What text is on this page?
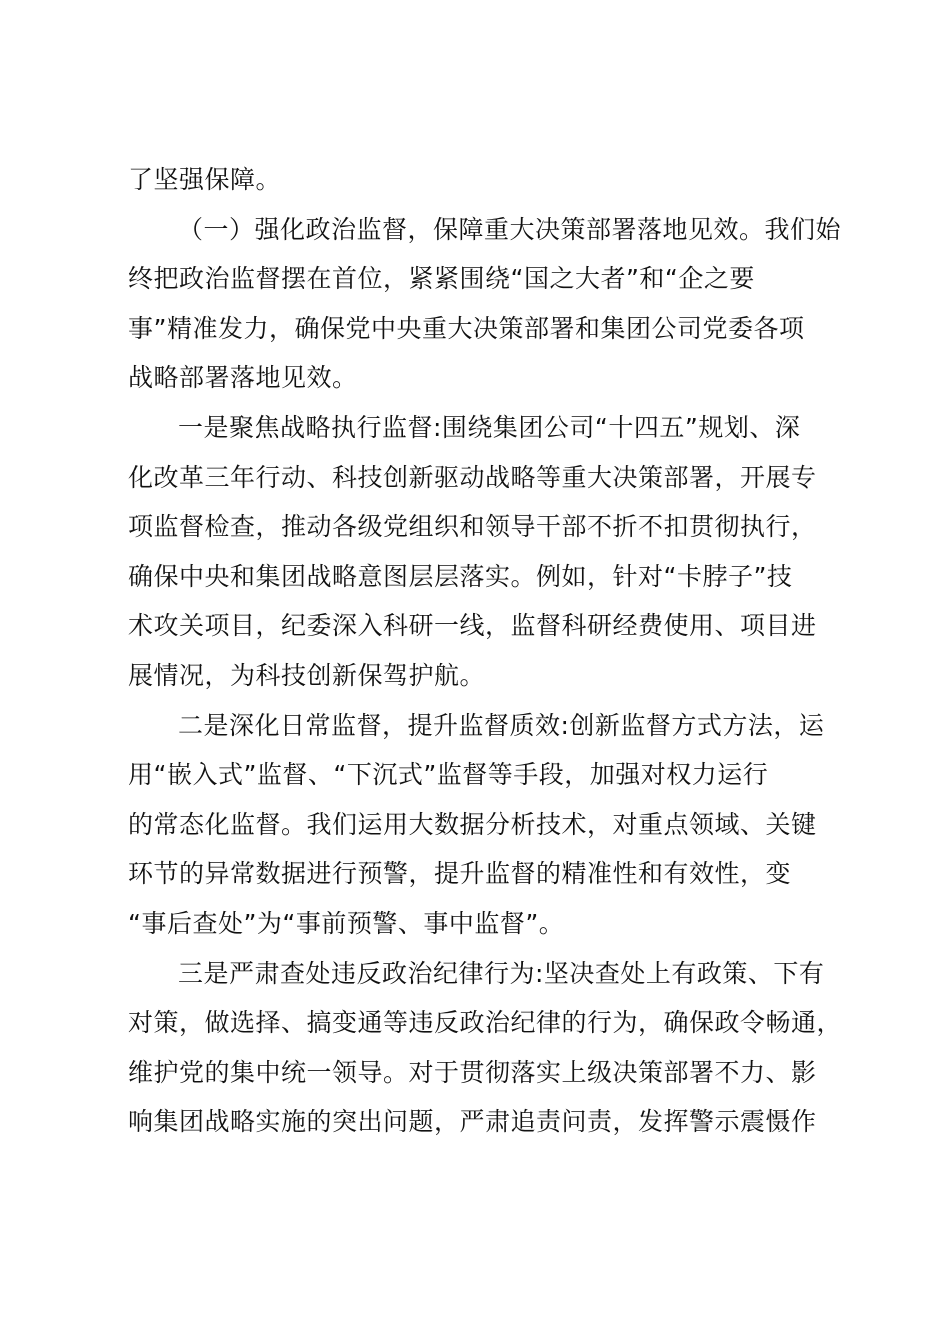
了坚强保障。
（一）强化政治监督，保障重大决策部署落地见效。我们始
终把政治监督摆在首位，紧紧围绕“国之大者”和“企之要
事”精准发力，确保党中央重大决策部署和集团公司党委各项
战略部署落地见效。
一是聚焦战略执行监督:围绕集团公司“十四五”规划、深
化改革三年行动、科技创新驱动战略等重大决策部署，开展专
项监督检查，推动各级党组织和领导干部不折不扣贯彻执行，
确保中央和集团战略意图层层落实。例如，针对“卡脖子”技
术攻关项目，纪委深入科研一线，监督科研经费使用、项目进
展情况，为科技创新保驾护航。
二是深化日常监督，提升监督质效:创新监督方式方法，运
用“嵌入式”监督、“下沉式”监督等手段，加强对权力运行
的常态化监督。我们运用大数据分析技术，对重点领域、关键
环节的异常数据进行预警，提升监督的精准性和有效性，变
“事后查处”为“事前预警、事中监督”。
三是严肃查处违反政治纪律行为:坚决查处上有政策、下有
对策，做选择、搞变通等违反政治纪律的行为，确保政令畅通，
维护党的集中统一领导。对于贯彻落实上级决策部署不力、影
响集团战略实施的突出问题，严肃追责问责，发挥警示震慑作
